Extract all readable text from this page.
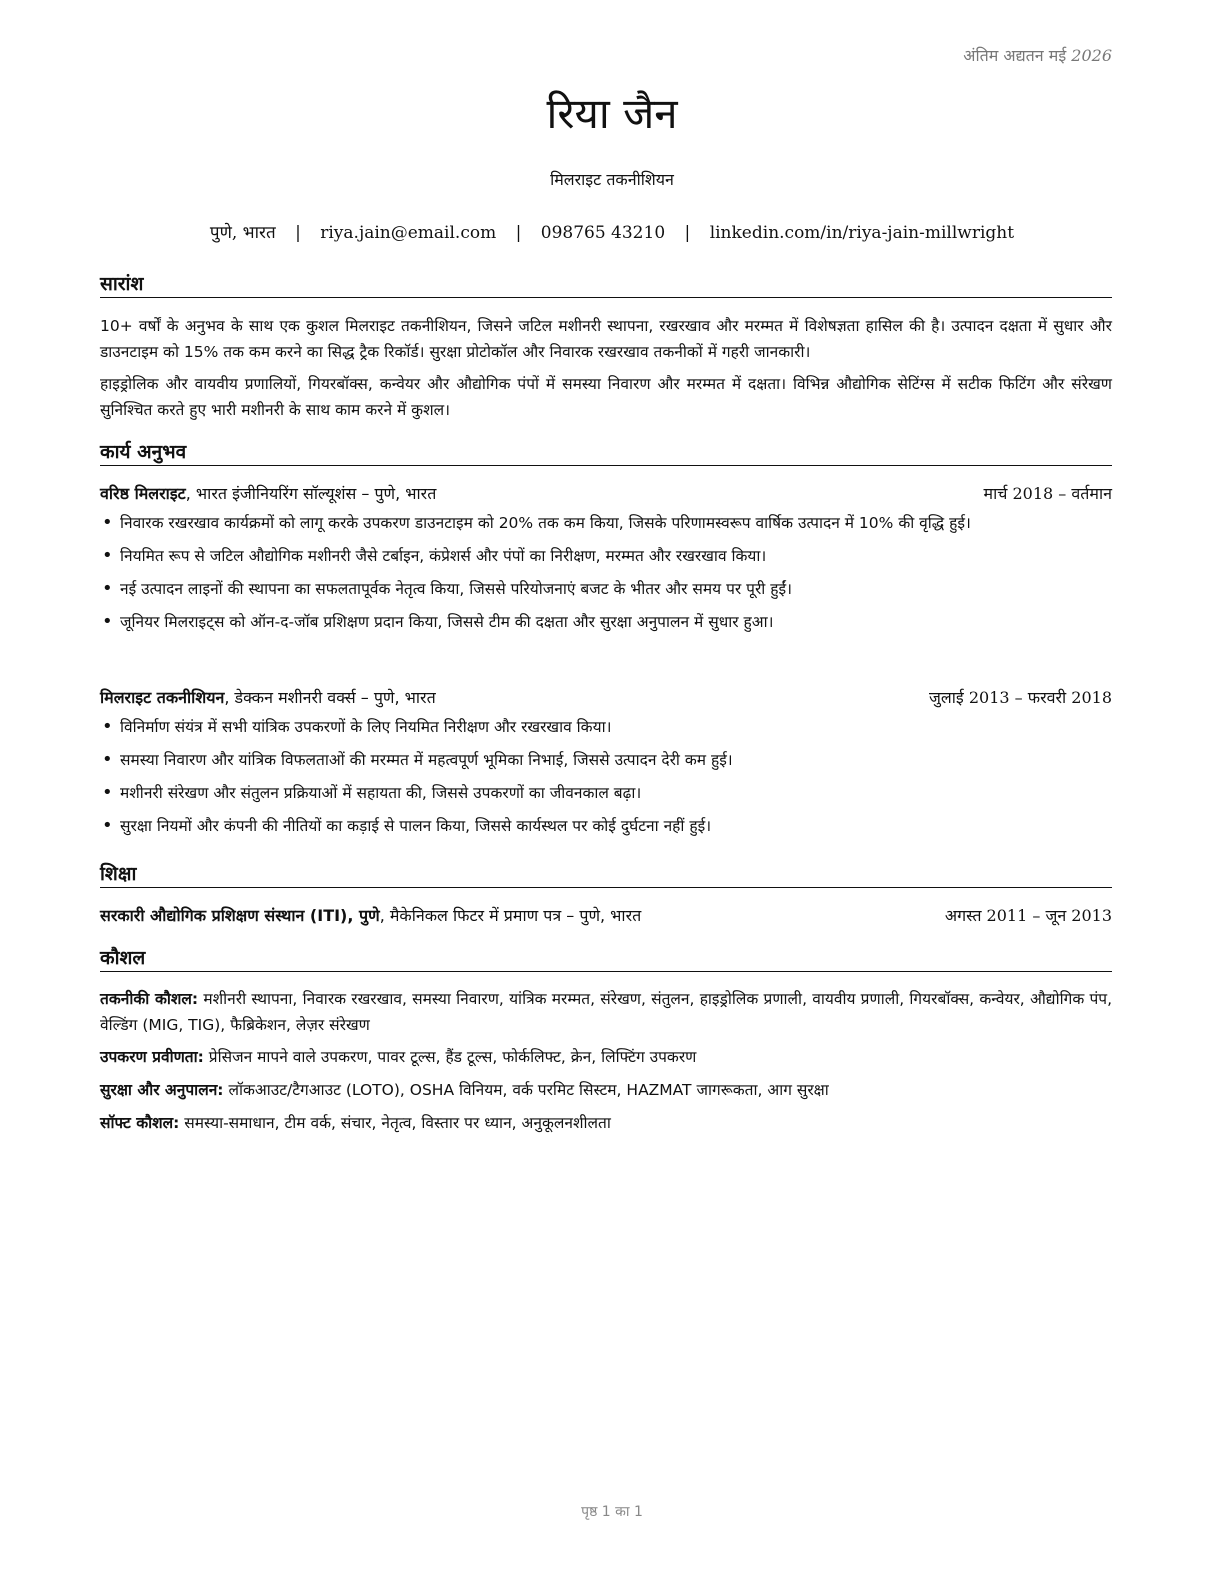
अंतिम अद्यतन मई 2026
रिया जैन
मिलराइट तकनीशियन
पुणे, भारत | riya.jain@email.com | 098765 43210 | linkedin.com/in/riya-jain-millwright
सारांश

10+ वर्षों के अनुभव के साथ एक कुशल मिलराइट तकनीशियन, जिसने जटिल मशीनरी स्थापना, रखरखाव और मरम्मत में विशेषज्ञता हासिल की है। उत्पादन दक्षता में सुधार और डाउनटाइम को 15% तक कम करने का सिद्ध ट्रैक रिकॉर्ड। सुरक्षा प्रोटोकॉल और निवारक रखरखाव तकनीकों में गहरी जानकारी।

हाइड्रोलिक और वायवीय प्रणालियों, गियरबॉक्स, कन्वेयर और औद्योगिक पंपों में समस्या निवारण और मरम्मत में दक्षता। विभिन्न औद्योगिक सेटिंग्स में सटीक फिटिंग और संरेखण सुनिश्चित करते हुए भारी मशीनरी के साथ काम करने में कुशल।

कार्य अनुभव
वरिष्ठ मिलराइट, भारत इंजीनियरिंग सॉल्यूशंस – पुणे, भारत	मार्च 2018 – वर्तमान
• निवारक रखरखाव कार्यक्रमों को लागू करके उपकरण डाउनटाइम को 20% तक कम किया, जिसके परिणामस्वरूप वार्षिक उत्पादन में 10% की वृद्धि हुई।
• नियमित रूप से जटिल औद्योगिक मशीनरी जैसे टर्बाइन, कंप्रेशर्स और पंपों का निरीक्षण, मरम्मत और रखरखाव किया।
• नई उत्पादन लाइनों की स्थापना का सफलतापूर्वक नेतृत्व किया, जिससे परियोजनाएं बजट के भीतर और समय पर पूरी हुईं।
• जूनियर मिलराइट्स को ऑन-द-जॉब प्रशिक्षण प्रदान किया, जिससे टीम की दक्षता और सुरक्षा अनुपालन में सुधार हुआ।
मिलराइट तकनीशियन, डेक्कन मशीनरी वर्क्स – पुणे, भारत	जुलाई 2013 – फरवरी 2018
• विनिर्माण संयंत्र में सभी यांत्रिक उपकरणों के लिए नियमित निरीक्षण और रखरखाव किया।
• समस्या निवारण और यांत्रिक विफलताओं की मरम्मत में महत्वपूर्ण भूमिका निभाई, जिससे उत्पादन देरी कम हुई।
• मशीनरी संरेखण और संतुलन प्रक्रियाओं में सहायता की, जिससे उपकरणों का जीवनकाल बढ़ा।
• सुरक्षा नियमों और कंपनी की नीतियों का कड़ाई से पालन किया, जिससे कार्यस्थल पर कोई दुर्घटना नहीं हुई।
शिक्षा
सरकारी औद्योगिक प्रशिक्षण संस्थान (ITI), पुणे, मैकेनिकल फिटर में प्रमाण पत्र – पुणे, भारत	अगस्त 2011 – जून 2013
कौशल
तकनीकी कौशल: मशीनरी स्थापना, निवारक रखरखाव, समस्या निवारण, यांत्रिक मरम्मत, संरेखण, संतुलन, हाइड्रोलिक प्रणाली, वायवीय प्रणाली, गियरबॉक्स, कन्वेयर, औद्योगिक पंप, वेल्डिंग (MIG, TIG), फैब्रिकेशन, लेज़र संरेखण
उपकरण प्रवीणता: प्रेसिजन मापने वाले उपकरण, पावर टूल्स, हैंड टूल्स, फोर्कलिफ्ट, क्रेन, लिफ्टिंग उपकरण
सुरक्षा और अनुपालन: लॉकआउट/टैगआउट (LOTO), OSHA विनियम, वर्क परमिट सिस्टम, HAZMAT जागरूकता, आग सुरक्षा
सॉफ्ट कौशल: समस्या-समाधान, टीम वर्क, संचार, नेतृत्व, विस्तार पर ध्यान, अनुकूलनशीलता
पृष्ठ 1 का 1
